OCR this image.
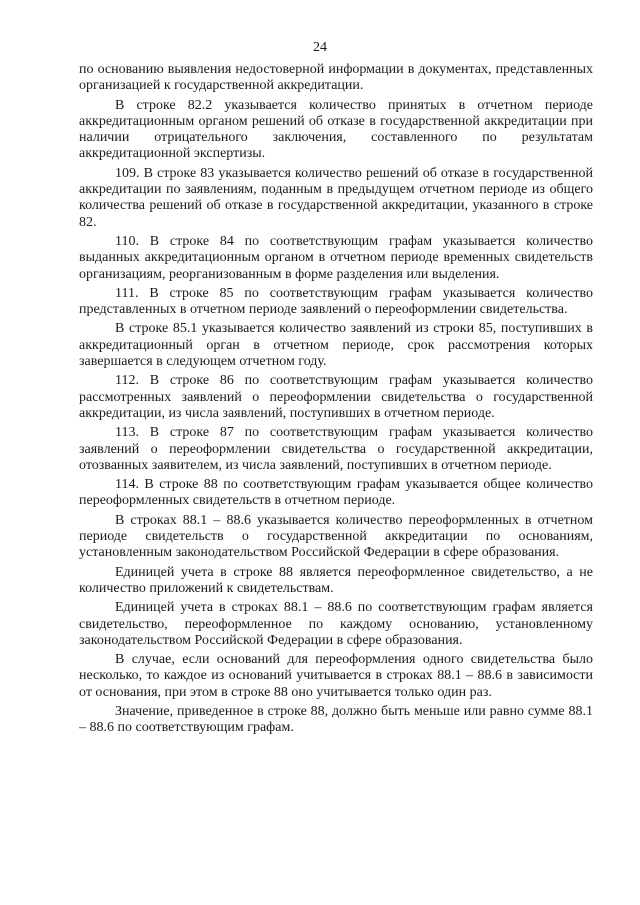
24

по основанию выявления недостоверной информации в документах, представленных организацией к государственной аккредитации.

В строке 82.2 указывается количество принятых в отчетном периоде аккредитационным органом решений об отказе в государственной аккредитации при наличии отрицательного заключения, составленного по результатам аккредитационной экспертизы.

109. В строке 83 указывается количество решений об отказе в государственной аккредитации по заявлениям, поданным в предыдущем отчетном периоде из общего количества решений об отказе в государственной аккредитации, указанного в строке 82.

110. В строке 84 по соответствующим графам указывается количество выданных аккредитационным органом в отчетном периоде временных свидетельств организациям, реорганизованным в форме разделения или выделения.

111. В строке 85 по соответствующим графам указывается количество представленных в отчетном периоде заявлений о переоформлении свидетельства.

В строке 85.1 указывается количество заявлений из строки 85, поступивших в аккредитационный орган в отчетном периоде, срок рассмотрения которых завершается в следующем отчетном году.

112. В строке 86 по соответствующим графам указывается количество рассмотренных заявлений о переоформлении свидетельства о государственной аккредитации, из числа заявлений, поступивших в отчетном периоде.

113. В строке 87 по соответствующим графам указывается количество заявлений о переоформлении свидетельства о государственной аккредитации, отозванных заявителем, из числа заявлений, поступивших в отчетном периоде.

114. В строке 88 по соответствующим графам указывается общее количество переоформленных свидетельств в отчетном периоде.

В строках 88.1 – 88.6 указывается количество переоформленных в отчетном периоде свидетельств о государственной аккредитации по основаниям, установленным законодательством Российской Федерации в сфере образования.

Единицей учета в строке 88 является переоформленное свидетельство, а не количество приложений к свидетельствам.

Единицей учета в строках 88.1 – 88.6 по соответствующим графам является свидетельство, переоформленное по каждому основанию, установленному законодательством Российской Федерации в сфере образования.

В случае, если оснований для переоформления одного свидетельства было несколько, то каждое из оснований учитывается в строках 88.1 – 88.6 в зависимости от основания, при этом в строке 88 оно учитывается только один раз.

Значение, приведенное в строке 88, должно быть меньше или равно сумме 88.1 – 88.6 по соответствующим графам.
